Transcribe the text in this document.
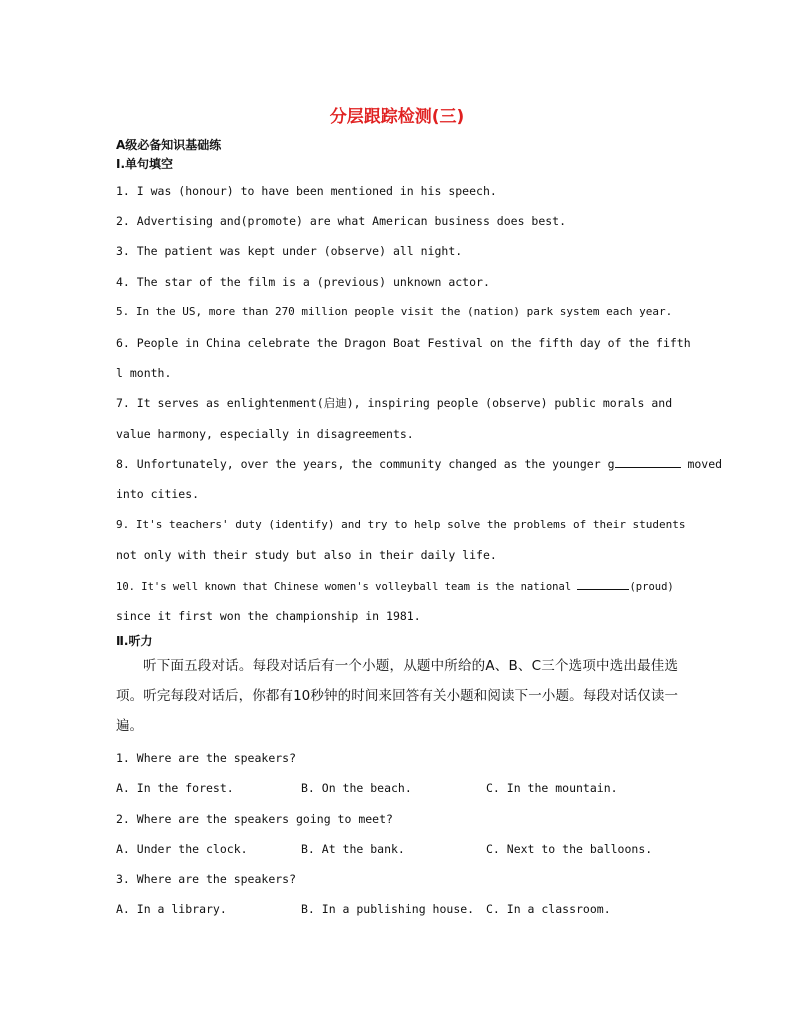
分层跟踪检测(三)
A级必备知识基础练
Ⅰ.单句填空
1. I was (honour) to have been mentioned in his speech.
2. Advertising and(promote) are what American business does best.
3. The patient was kept under (observe) all night.
4. The star of the film is a (previous) unknown actor.
5. In the US, more than 270 million people visit the (nation) park system each year.
6. People in China celebrate the Dragon Boat Festival on the fifth day of the fifth
l month.
7. It serves as enlightenment(启迪), inspiring people (observe) public morals and
value harmony, especially in disagreements.
8. Unfortunately, over the years, the community changed as the younger g	moved
into cities.
9. It's teachers' duty (identify) and try to help solve the problems of their students
not only with their study but also in their daily life.
10. It's well known that Chinese women's volleyball team is the national	(proud)
since it first won the championship in 1981.
Ⅱ.听力
听下面五段对话。每段对话后有一个小题，从题中所给的A、B、C三个选项中选出最佳选项。听完每段对话后，你都有10秒钟的时间来回答有关小题和阅读下一小题。每段对话仅读一遍。
1. Where are the speakers?
A. In the forest.	B. On the beach.	C. In the mountain.
2. Where are the speakers going to meet?
A. Under the clock.	B. At the bank.	C. Next to the balloons.
3. Where are the speakers?
A. In a library.	B. In a publishing house. C. In a classroom.
